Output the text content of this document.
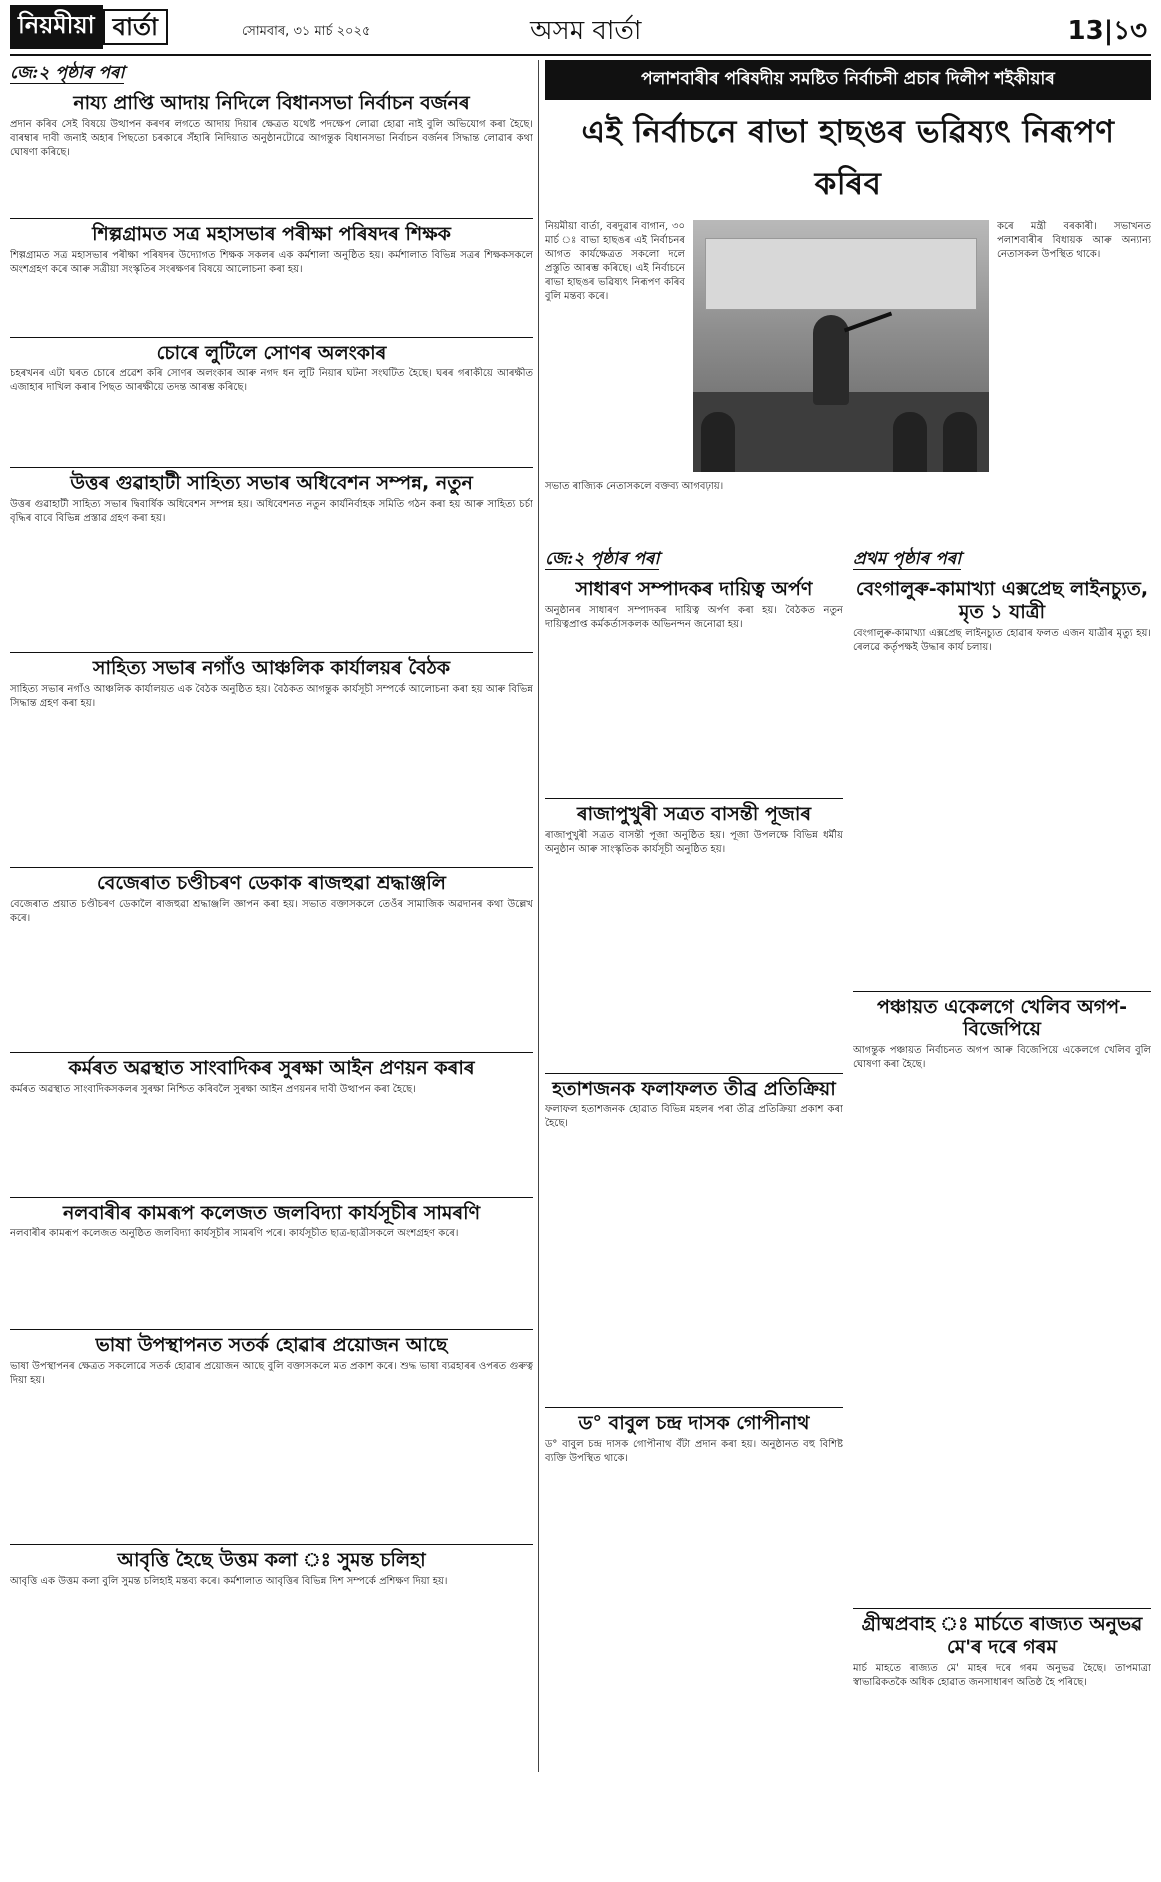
নিয়মীয়া বাৰ্তা	সোমবাৰ, ৩১ মাৰ্চ ২০২৫	অসম বাৰ্তা	13|১৩
জে:২ পৃষ্ঠাৰ পৰা
নায্য প্ৰাপ্তি আদায় নিদিলে বিধানসভা নিৰ্বাচন বৰ্জনৰ
প্ৰদান কৰিব সেই বিষয়ে উত্থাপন কৰণৰ লগতে আদায় দিয়াৰ ক্ষেত্ৰত যথেষ্ট পদক্ষেপ লোৱা হোৱা নাই বুলি অভিযোগ কৰা হৈছে। বাৰম্বাৰ দাবী জনাই অহাৰ পিছতো চৰকাৰে সঁহাৰি নিদিয়াত অনুষ্ঠানটোৱে আগন্তুক বিধানসভা নিৰ্বাচন বৰ্জনৰ সিদ্ধান্ত লোৱাৰ কথা ঘোষণা কৰিছে।
শিল্পগ্ৰামত সত্ৰ মহাসভাৰ পৰীক্ষা পৰিষদৰ শিক্ষক
শিল্পগ্ৰামত সত্ৰ মহাসভাৰ পৰীক্ষা পৰিষদৰ উদ্যোগত শিক্ষক সকলৰ এক কৰ্মশালা অনুষ্ঠিত হয়। কৰ্মশালাত বিভিন্ন সত্ৰৰ শিক্ষকসকলে অংশগ্ৰহণ কৰে আৰু সত্ৰীয়া সংস্কৃতিৰ সংৰক্ষণৰ বিষয়ে আলোচনা কৰা হয়।
চোৰে লুটিলে সোণৰ অলংকাৰ
চহৰখনৰ এটা ঘৰত চোৰে প্ৰৱেশ কৰি সোণৰ অলংকাৰ আৰু নগদ ধন লুটি নিয়াৰ ঘটনা সংঘটিত হৈছে। ঘৰৰ গৰাকীয়ে আৰক্ষীত এজাহাৰ দাখিল কৰাৰ পিছত আৰক্ষীয়ে তদন্ত আৰম্ভ কৰিছে।
উত্তৰ গুৱাহাটী সাহিত্য সভাৰ অধিবেশন সম্পন্ন, নতুন
উত্তৰ গুৱাহাটী সাহিত্য সভাৰ দ্বিবাৰ্ষিক অধিবেশন সম্পন্ন হয়। অধিবেশনত নতুন কাৰ্যনিৰ্বাহক সমিতি গঠন কৰা হয় আৰু সাহিত্য চৰ্চা বৃদ্ধিৰ বাবে বিভিন্ন প্ৰস্তাৱ গ্ৰহণ কৰা হয়।
সাহিত্য সভাৰ নগাঁও আঞ্চলিক কাৰ্যালয়ৰ বৈঠক
সাহিত্য সভাৰ নগাঁও আঞ্চলিক কাৰ্যালয়ত এক বৈঠক অনুষ্ঠিত হয়। বৈঠকত আগন্তুক কাৰ্যসূচী সম্পৰ্কে আলোচনা কৰা হয় আৰু বিভিন্ন সিদ্ধান্ত গ্ৰহণ কৰা হয়।
বেজেৰাত চণ্ডীচৰণ ডেকাক ৰাজহুৱা শ্ৰদ্ধাঞ্জলি
বেজেৰাত প্ৰয়াত চণ্ডীচৰণ ডেকালৈ ৰাজহুৱা শ্ৰদ্ধাঞ্জলি জ্ঞাপন কৰা হয়। সভাত বক্তাসকলে তেওঁৰ সামাজিক অৱদানৰ কথা উল্লেখ কৰে।
কৰ্মৰত অৱস্থাত সাংবাদিকৰ সুৰক্ষা আইন প্ৰণয়ন কৰাৰ
কৰ্মৰত অৱস্থাত সাংবাদিকসকলৰ সুৰক্ষা নিশ্চিত কৰিবলৈ সুৰক্ষা আইন প্ৰণয়নৰ দাবী উত্থাপন কৰা হৈছে।
নলবাৰীৰ কামৰূপ কলেজত জলবিদ্যা কাৰ্যসূচীৰ সামৰণি
নলবাৰীৰ কামৰূপ কলেজত অনুষ্ঠিত জলবিদ্যা কাৰ্যসূচীৰ সামৰণি পৰে। কাৰ্যসূচীত ছাত্ৰ-ছাত্ৰীসকলে অংশগ্ৰহণ কৰে।
ভাষা উপস্থাপনত সতৰ্ক হোৱাৰ প্ৰয়োজন আছে
ভাষা উপস্থাপনৰ ক্ষেত্ৰত সকলোৱে সতৰ্ক হোৱাৰ প্ৰয়োজন আছে বুলি বক্তাসকলে মত প্ৰকাশ কৰে। শুদ্ধ ভাষা ব্যৱহাৰৰ ওপৰত গুৰুত্ব দিয়া হয়।
আবৃত্তি হৈছে উত্তম কলা ঃ সুমন্ত চলিহা
আবৃত্তি এক উত্তম কলা বুলি সুমন্ত চলিহাই মন্তব্য কৰে। কৰ্মশালাত আবৃত্তিৰ বিভিন্ন দিশ সম্পৰ্কে প্ৰশিক্ষণ দিয়া হয়।
পলাশবাৰীৰ পৰিষদীয় সমষ্টিত নিৰ্বাচনী প্ৰচাৰ দিলীপ শইকীয়াৰ
এই নিৰ্বাচনে ৰাভা হাছঙৰ ভৱিষ্যৎ নিৰূপণ কৰিব
নিয়মীয়া বাৰ্তা, বৰদুৱাৰ বাগান, ৩০ মাৰ্চ ঃ বাভা হাছঙৰ এই নিৰ্বাচনৰ আগত কাৰ্যক্ষেত্ৰত সকলো দলে প্ৰস্তুতি আৰম্ভ কৰিছে। এই নিৰ্বাচনে ৰাভা হাছঙৰ ভৱিষ্যৎ নিৰূপণ কৰিব বুলি মন্তব্য কৰে।
কৰে মন্ত্ৰী বৰকাৰী। সভাখনত পলাশবাৰীৰ বিধায়ক আৰু অন্যান্য নেতাসকল উপস্থিত থাকে।
সভাত ৰাজ্যিক নেতাসকলে বক্তব্য আগবঢ়ায়।
জে:২ পৃষ্ঠাৰ পৰা
সাধাৰণ সম্পাদকৰ দায়িত্ব অৰ্পণ
অনুষ্ঠানৰ সাধাৰণ সম্পাদকৰ দায়িত্ব অৰ্পণ কৰা হয়। বৈঠকত নতুন দায়িত্বপ্ৰাপ্ত কৰ্মকৰ্তাসকলক অভিনন্দন জনোৱা হয়।
ৰাজাপুখুৰী সত্ৰত বাসন্তী পূজাৰ
ৰাজাপুখুৰী সত্ৰত বাসন্তী পূজা অনুষ্ঠিত হয়। পূজা উপলক্ষে বিভিন্ন ধৰ্মীয় অনুষ্ঠান আৰু সাংস্কৃতিক কাৰ্যসূচী অনুষ্ঠিত হয়।
হতাশজনক ফলাফলত তীব্ৰ প্ৰতিক্ৰিয়া
ফলাফল হতাশজনক হোৱাত বিভিন্ন মহলৰ পৰা তীব্ৰ প্ৰতিক্ৰিয়া প্ৰকাশ কৰা হৈছে।
ড° বাবুল চন্দ্ৰ দাসক গোপীনাথ
ড° বাবুল চন্দ্ৰ দাসক গোপীনাথ বঁটা প্ৰদান কৰা হয়। অনুষ্ঠানত বহু বিশিষ্ট ব্যক্তি উপস্থিত থাকে।
প্ৰথম পৃষ্ঠাৰ পৰা
বেংগালুৰু-কামাখ্যা এক্সপ্ৰেছ লাইনচ্যুত, মৃত ১ যাত্ৰী
বেংগালুৰু-কামাখ্যা এক্সপ্ৰেছ লাইনচ্যুত হোৱাৰ ফলত এজন যাত্ৰীৰ মৃত্যু হয়। ৰেলৱে কৰ্তৃপক্ষই উদ্ধাৰ কাৰ্য চলায়।
পঞ্চায়ত একেলগে খেলিব অগপ-বিজেপিয়ে
আগন্তুক পঞ্চায়ত নিৰ্বাচনত অগপ আৰু বিজেপিয়ে একেলগে খেলিব বুলি ঘোষণা কৰা হৈছে।
গ্ৰীষ্মপ্ৰবাহ ঃ মাৰ্চতে ৰাজ্যত অনুভৱ মে'ৰ দৰে গৰম
মাৰ্চ মাহতে ৰাজ্যত মে' মাহৰ দৰে গৰম অনুভৱ হৈছে। তাপমাত্ৰা স্বাভাৱিকতকৈ অধিক হোৱাত জনসাধাৰণ অতিষ্ঠ হৈ পৰিছে।
